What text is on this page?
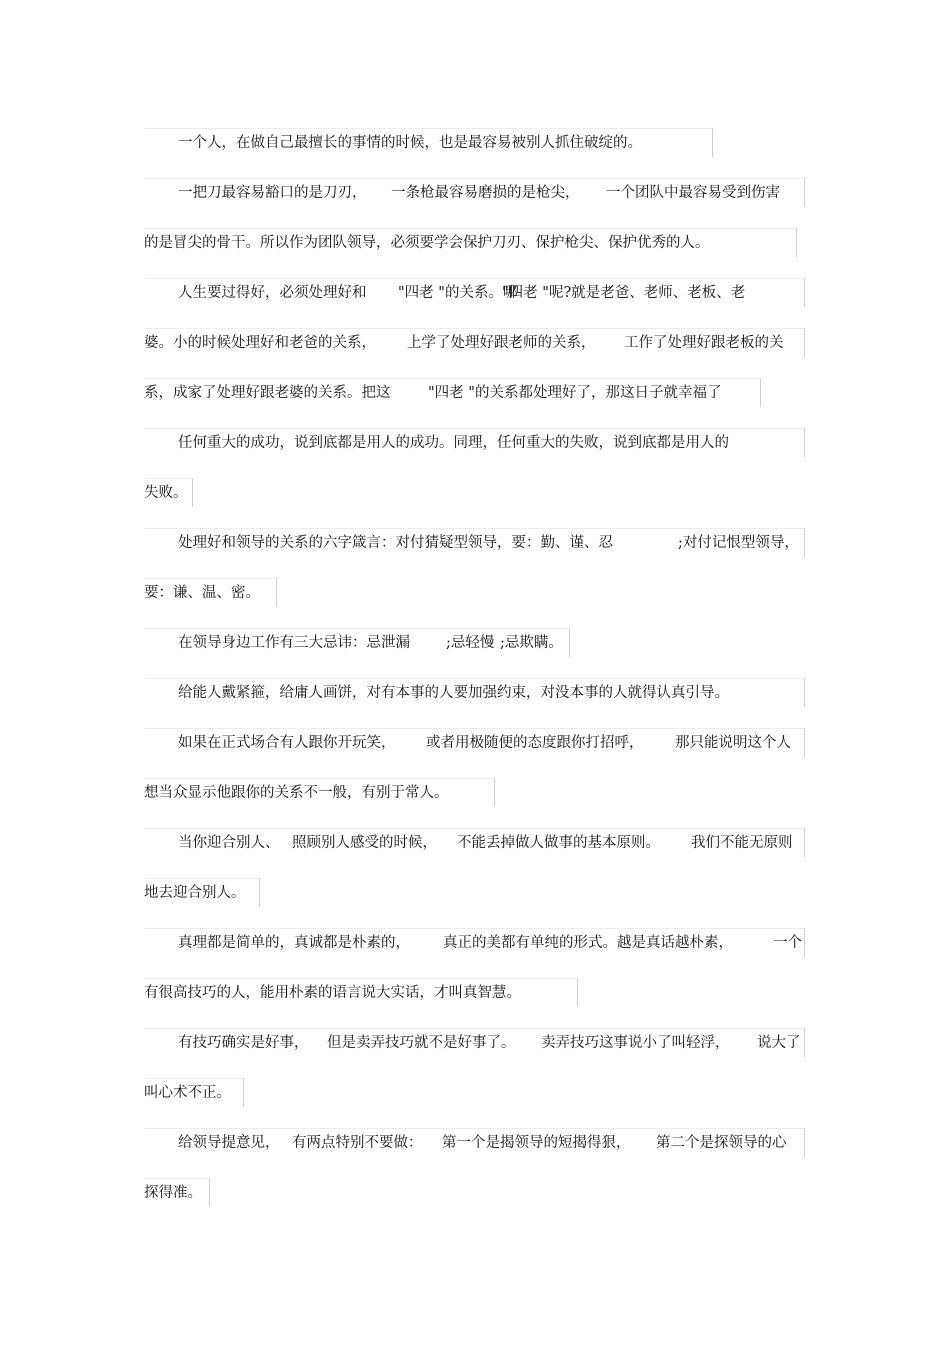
一个人，在做自己最擅长的事情的时候，也是最容易被别人抓住破绽的。
一把刀最容易豁口的是刀刃， 一条枪最容易磨损的是枪尖， 一个团队中最容易受到伤害
的是冒尖的骨干。所以作为团队领导，必须要学会保护刀刃、保护枪尖、保护优秀的人。
人生要过得好，必须处理好和 "四老 "的关系。哪
"四老 "呢?就是老爸、老师、老板、老
婆。小的时候处理好和老爸的关系， 上学了处理好跟老师的关系， 工作了处理好跟老板的关
系，成家了处理好跟老婆的关系。把这	"四老 "的关系都处理好了，那这日子就幸福了
任何重大的成功，说到底都是用人的成功。同理，任何重大的失败，说到底都是用人的
失败。
处理好和领导的关系的六字箴言：对付猜疑型领导，要：勤、谨、忍	;对付记恨型领导，
要：谦、温、密。
在领导身边工作有三大忌讳：忌泄漏 ;忌轻慢 ;忌欺瞒。
给能人戴紧箍，给庸人画饼，对有本事的人要加强约束，对没本事的人就得认真引导。
如果在正式场合有人跟你开玩笑， 或者用极随便的态度跟你打招呼， 那只能说明这个人
想当众显示他跟你的关系不一般，有别于常人。
当你迎合别人、 照顾别人感受的时候， 不能丢掉做人做事的基本原则。 我们不能无原则
地去迎合别人。
真理都是简单的，真诚都是朴素的， 真正的美都有单纯的形式。越是真话越朴素，	一个
有很高技巧的人，能用朴素的语言说大实话，才叫真智慧。
有技巧确实是好事， 但是卖弄技巧就不是好事了。 卖弄技巧这事说小了叫轻浮， 说大了
叫心术不正。
给领导提意见， 有两点特别不要做： 第一个是揭领导的短揭得狠， 第二个是探领导的心
探得准。
